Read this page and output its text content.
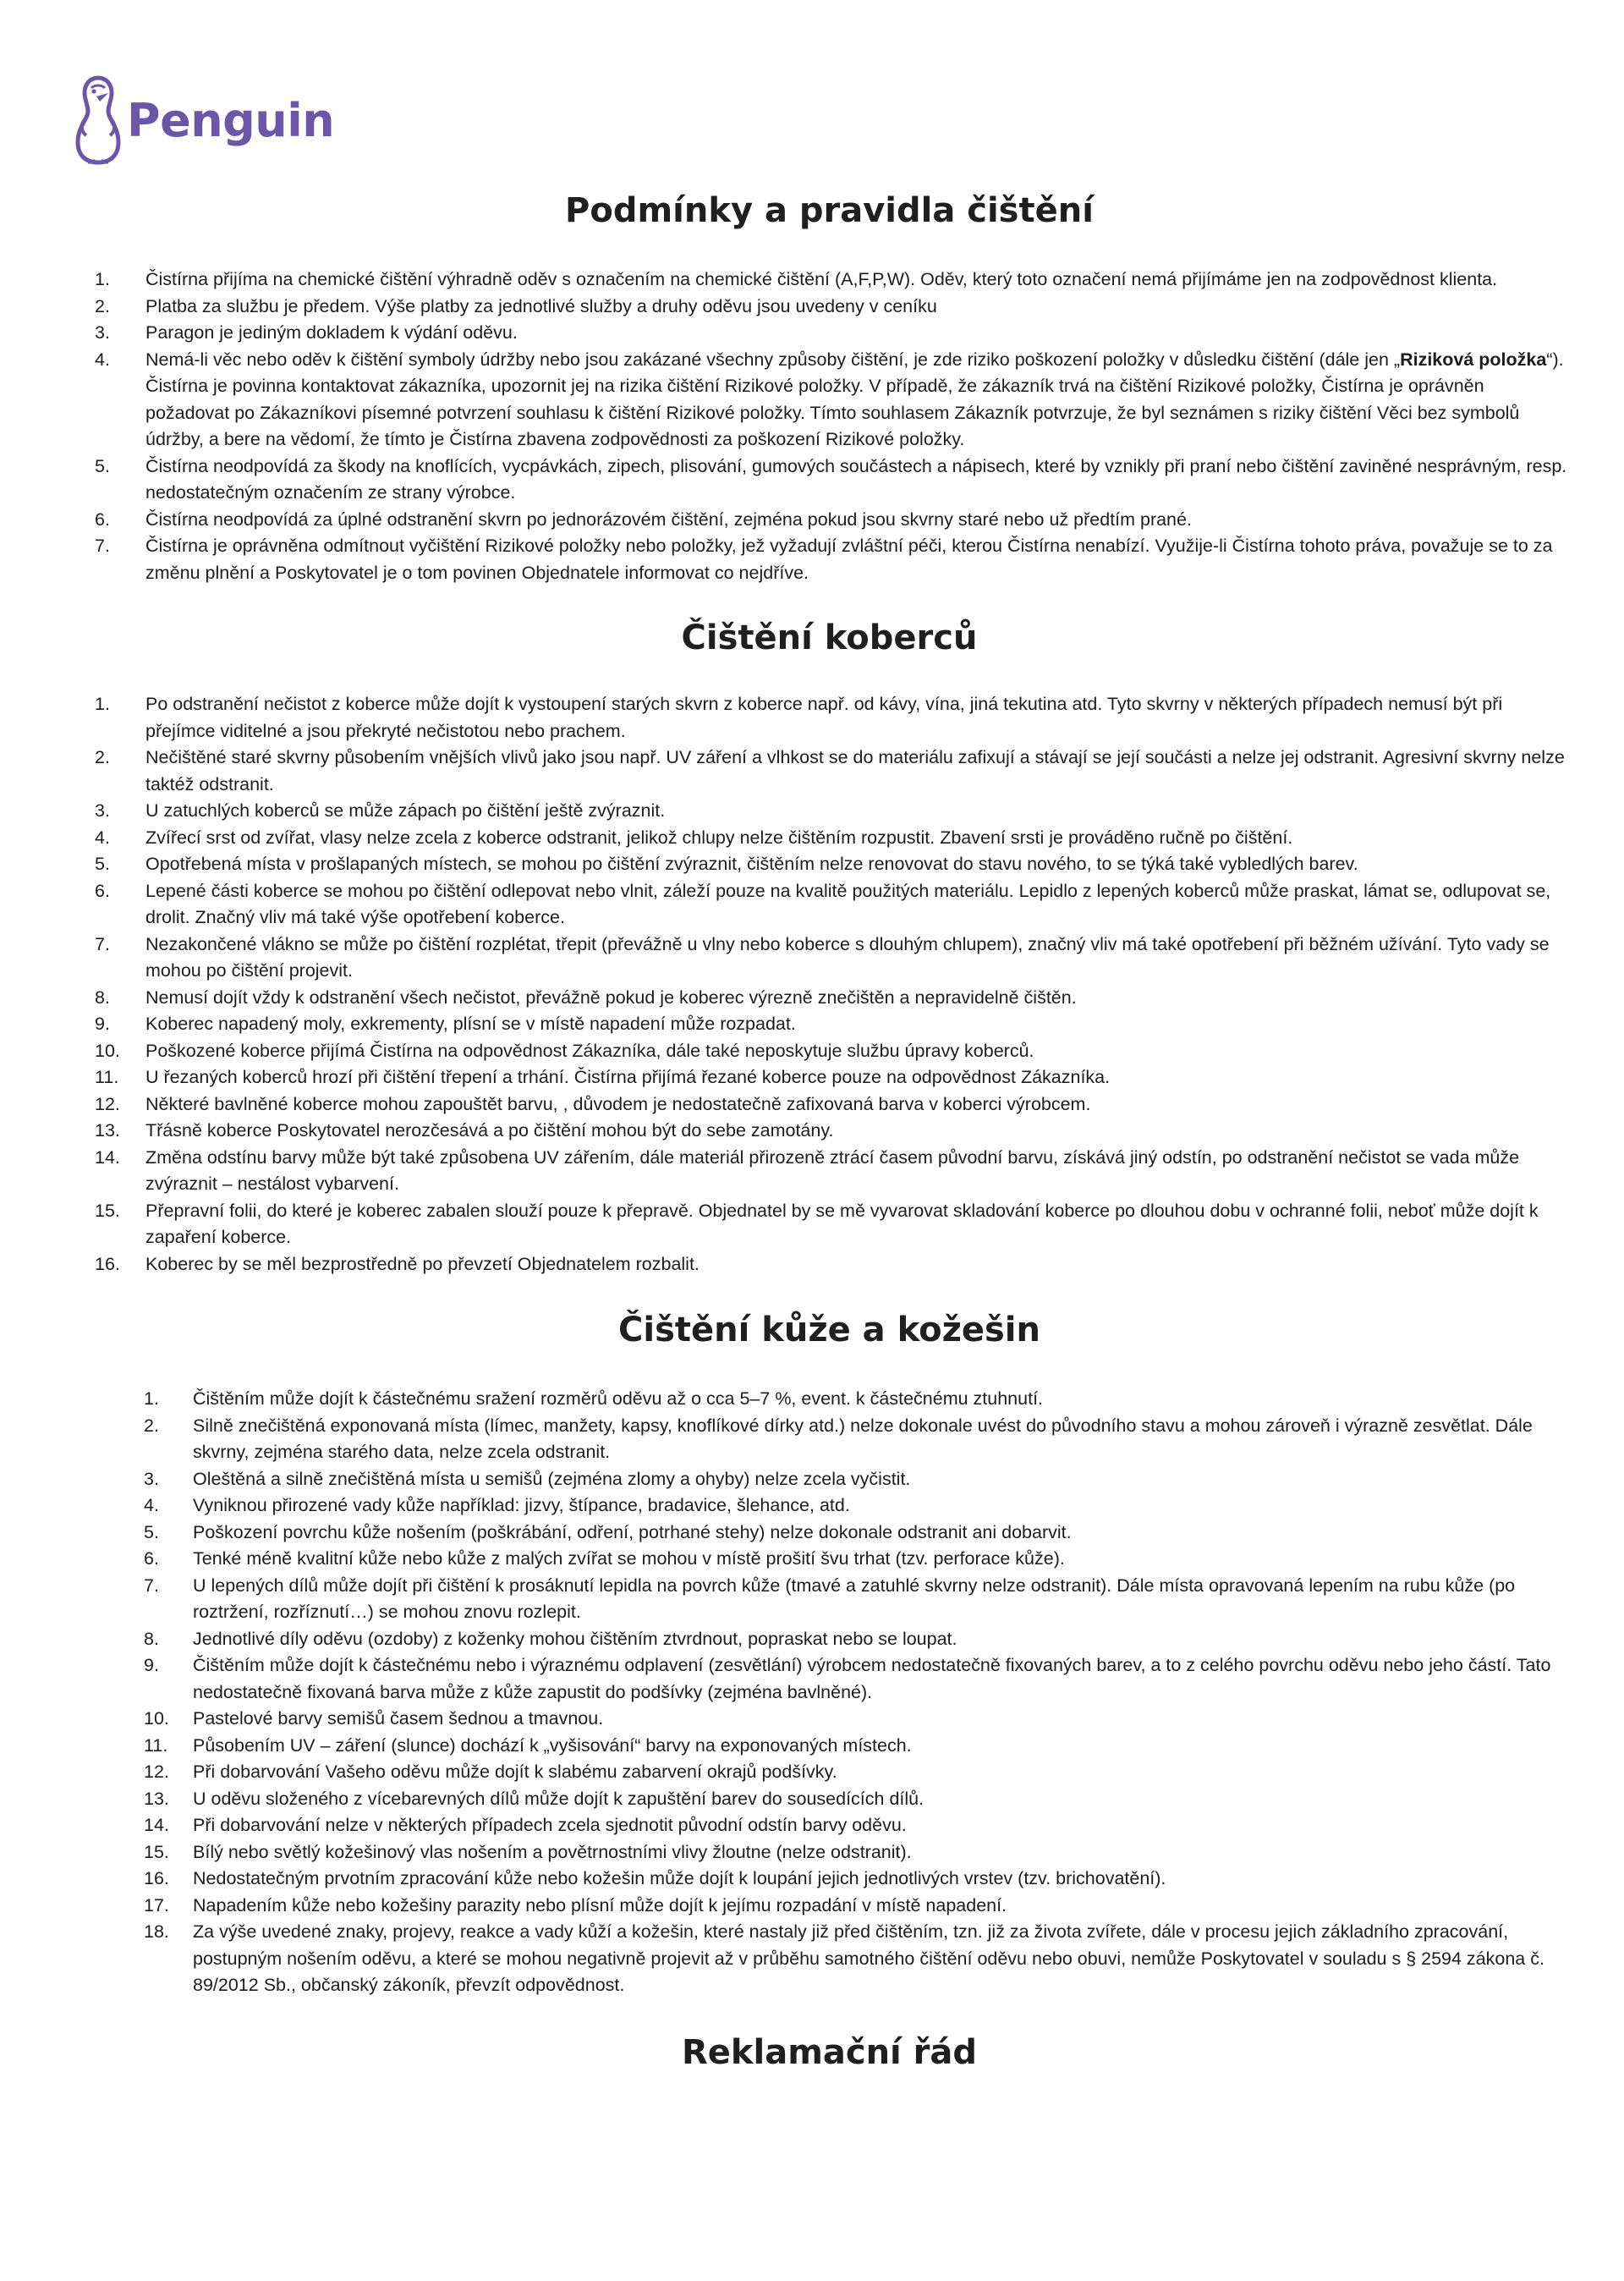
Penguin
Podmínky a pravidla čištění
1.	Čistírna přijíma na chemické čištění výhradně oděv s označením na chemické čištění (A,F,P,W). Oděv, který toto označení nemá přijímáme jen na zodpovědnost klienta.
2.	Platba za službu je předem. Výše platby za jednotlivé služby a druhy oděvu jsou uvedeny v ceníku
3.	Paragon je jediným dokladem k výdání oděvu.
4.	Nemá-li věc nebo oděv k čištění symboly údržby nebo jsou zakázané všechny způsoby čištění, je zde riziko poškození položky v důsledku čištění (dále jen „Riziková položka“). Čistírna je povinna kontaktovat zákazníka, upozornit jej na rizika čištění Rizikové položky. V případě, že zákazník trvá na čištění Rizikové položky, Čistírna je oprávněn požadovat po Zákazníkovi písemné potvrzení souhlasu k čištění Rizikové položky. Tímto souhlasem Zákazník potvrzuje, že byl seznámen s riziky čištění Věci bez symbolů údržby, a bere na vědomí, že tímto je Čistírna zbavena zodpovědnosti za poškození Rizikové položky.
5.	Čistírna neodpovídá za škody na knoflících, vycpávkách, zipech, plisování, gumových součástech a nápisech, které by vznikly při praní nebo čištění zaviněné nesprávným, resp. nedostatečným označením ze strany výrobce.
6.	Čistírna neodpovídá za úplné odstranění skvrn po jednorázovém čištění, zejména pokud jsou skvrny staré nebo už předtím prané.
7.	Čistírna je oprávněna odmítnout vyčištění Rizikové položky nebo položky, jež vyžadují zvláštní péči, kterou Čistírna nenabízí. Využije-li Čistírna tohoto práva, považuje se to za změnu plnění a Poskytovatel je o tom povinen Objednatele informovat co nejdříve.
Čištění koberců
1.	Po odstranění nečistot z koberce může dojít k vystoupení starých skvrn z koberce např. od kávy, vína, jiná tekutina atd. Tyto skvrny v některých případech nemusí být při přejímce viditelné a jsou překryté nečistotou nebo prachem.
2.	Nečištěné staré skvrny působením vnějších vlivů jako jsou např. UV záření a vlhkost se do materiálu zafixují a stávají se její součásti a nelze jej odstranit. Agresivní skvrny nelze taktéž odstranit.
3.	U zatuchlých koberců se může zápach po čištění ještě zvýraznit.
4.	Zvířecí srst od zvířat, vlasy nelze zcela z koberce odstranit, jelikož chlupy nelze čištěním rozpustit. Zbavení srsti je prováděno ručně po čištění.
5.	Opotřebená místa v prošlapaných místech, se mohou po čištění zvýraznit, čištěním nelze renovovat do stavu nového, to se týká také vybledlých barev.
6.	Lepené části koberce se mohou po čištění odlepovat nebo vlnit, záleží pouze na kvalitě použitých materiálu. Lepidlo z lepených koberců může praskat, lámat se, odlupovat se, drolit. Značný vliv má také výše opotřebení koberce.
7.	Nezakončené vlákno se může po čištění rozplétat, třepit (převážně u vlny nebo koberce s dlouhým chlupem), značný vliv má také opotřebení při běžném užívání. Tyto vady se mohou po čištění projevit.
8.	Nemusí dojít vždy k odstranění všech nečistot, převážně pokud je koberec výrezně znečištěn a nepravidelně čištěn.
9.	Koberec napadený moly, exkrementy, plísní se v místě napadení může rozpadat.
10.	Poškozené koberce přijímá Čistírna na odpovědnost Zákazníka, dále také neposkytuje službu úpravy koberců.
11.	U řezaných koberců hrozí při čištění třepení a trhání. Čistírna přijímá řezané koberce pouze na odpovědnost Zákazníka.
12.	Některé bavlněné koberce mohou zapouštět barvu, , důvodem je nedostatečně zafixovaná barva v koberci výrobcem.
13.	Třásně koberce Poskytovatel nerozčesává a po čištění mohou být do sebe zamotány.
14.	Změna odstínu barvy může být také způsobena UV zářením, dále materiál přirozeně ztrácí časem původní barvu, získává jiný odstín, po odstranění nečistot se vada může zvýraznit – nestálost vybarvení.
15.	Přepravní folii, do které je koberec zabalen slouží pouze k přepravě. Objednatel by se mě vyvarovat skladování koberce po dlouhou dobu v ochranné folii, neboť může dojít k zapaření koberce.
16.	Koberec by se měl bezprostředně po převzetí Objednatelem rozbalit.
Čištění kůže a kožešin
1.	Čištěním může dojít k částečnému sražení rozměrů oděvu až o cca 5–7 %, event. k částečnému ztuhnutí.
2.	Silně znečištěná exponovaná místa (límec, manžety, kapsy, knoflíkové dírky atd.) nelze dokonale uvést do původního stavu a mohou zároveň i výrazně zesvětlat. Dále skvrny, zejména starého data, nelze zcela odstranit.
3.	Oleštěná a silně znečištěná místa u semišů (zejména zlomy a ohyby) nelze zcela vyčistit.
4.	Vyniknou přirozené vady kůže například: jizvy, štípance, bradavice, šlehance, atd.
5.	Poškození povrchu kůže nošením (poškrábání, odření, potrhané stehy) nelze dokonale odstranit ani dobarvit.
6.	Tenké méně kvalitní kůže nebo kůže z malých zvířat se mohou v místě prošití švu trhat (tzv. perforace kůže).
7.	U lepených dílů může dojít při čištění k prosáknutí lepidla na povrch kůže (tmavé a zatuhlé skvrny nelze odstranit). Dále místa opravovaná lepením na rubu kůže (po roztržení, rozříznutí…) se mohou znovu rozlepit.
8.	Jednotlivé díly oděvu (ozdoby) z koženky mohou čištěním ztvrdnout, popraskat nebo se loupat.
9.	Čištěním může dojít k částečnému nebo i výraznému odplavení (zesvětlání) výrobcem nedostatečně fixovaných barev, a to z celého povrchu oděvu nebo jeho částí. Tato nedostatečně fixovaná barva může z kůže zapustit do podšívky (zejména bavlněné).
10.	Pastelové barvy semišů časem šednou a tmavnou.
11.	Působením UV – záření (slunce) dochází k „vyšisování“ barvy na exponovaných místech.
12.	Při dobarvování Vašeho oděvu může dojít k slabému zabarvení okrajů podšívky.
13.	U oděvu složeného z vícebarevných dílů může dojít k zapuštění barev do sousedících dílů.
14.	Při dobarvování nelze v některých případech zcela sjednotit původní odstín barvy oděvu.
15.	Bílý nebo světlý kožešinový vlas nošením a povětrnostními vlivy žloutne (nelze odstranit).
16.	Nedostatečným prvotním zpracování kůže nebo kožešin může dojít k loupání jejich jednotlivých vrstev (tzv. brichovatění).
17.	Napadením kůže nebo kožešiny parazity nebo plísní může dojít k jejímu rozpadání v místě napadení.
18.	Za výše uvedené znaky, projevy, reakce a vady kůží a kožešin, které nastaly již před čištěním, tzn. již za života zvířete, dále v procesu jejich základního zpracování, postupným nošením oděvu, a které se mohou negativně projevit až v průběhu samotného čištění oděvu nebo obuvi, nemůže Poskytovatel v souladu s § 2594 zákona č. 89/2012 Sb., občanský zákoník, převzít odpovědnost.
Reklamační řád
